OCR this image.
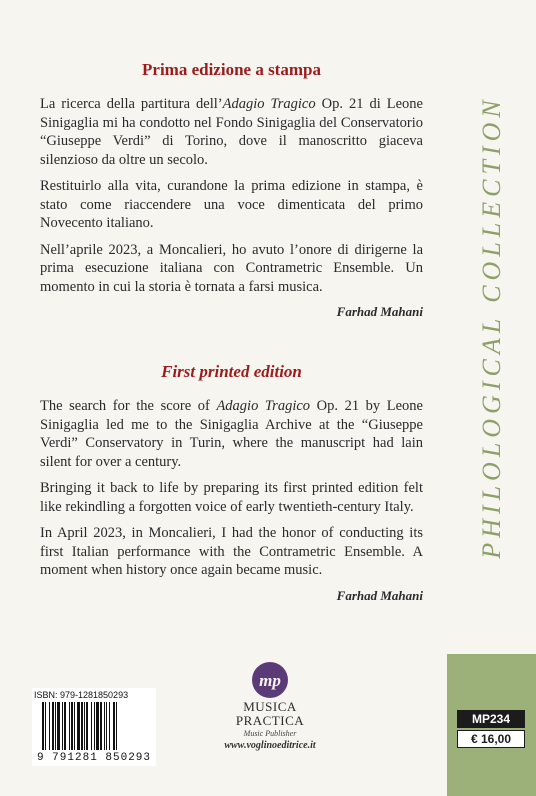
Prima edizione a stampa

La ricerca della partitura dell’Adagio Tragico Op. 21 di Leone Sinigaglia mi ha condotto nel Fondo Sinigaglia del Conservatorio “Giuseppe Verdi” di Torino, dove il manoscritto giaceva silenzioso da oltre un secolo.

Restituirlo alla vita, curandone la prima edizione in stampa, è stato come riaccendere una voce dimenticata del primo Novecento italiano.

Nell’aprile 2023, a Moncalieri, ho avuto l’onore di dirigerne la prima esecuzione italiana con Contrametric Ensemble. Un momento in cui la storia è tornata a farsi musica.

Farhad Mahani
First printed edition

The search for the score of Adagio Tragico Op. 21 by Leone Sinigaglia led me to the Sinigaglia Archive at the “Giuseppe Verdi” Conservatory in Turin, where the manuscript had lain silent for over a century.

Bringing it back to life by preparing its first printed edition felt like rekindling a forgotten voice of early twentieth-century Italy.

In April 2023, in Moncalieri, I had the honor of conducting its first Italian performance with the Contrametric Ensemble. A moment when history once again became music.

Farhad Mahani
PHILOLOGICAL COLLECTION
MP234
€ 16,00
ISBN: 979-1281850293
9 791281 850293
mp
MUSICA
PRACTICA
Music Publisher
www.voglinoeditrice.it
